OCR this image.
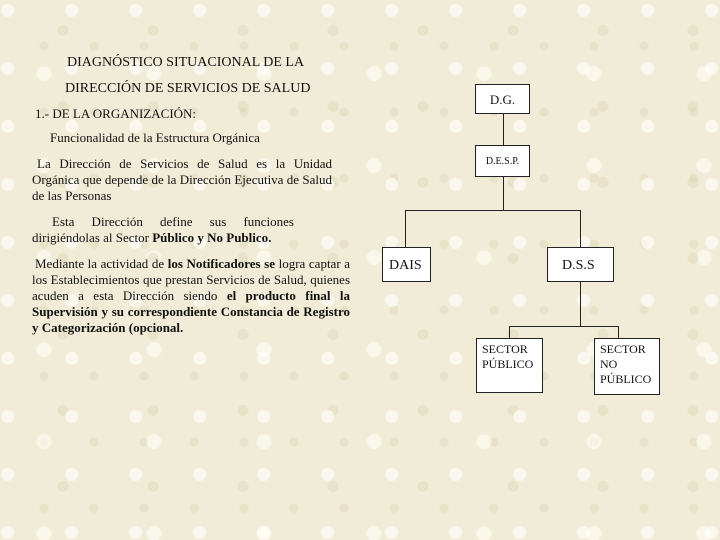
DIAGNÓSTICO SITUACIONAL DE LA
DIRECCIÓN DE SERVICIOS DE SALUD
1.- DE LA ORGANIZACIÓN:
Funcionalidad de la Estructura Orgánica
La Dirección de Servicios de Salud es la Unidad Orgánica que depende de la Dirección Ejecutiva de Salud de las Personas
Esta Dirección define sus funciones dirigiéndolas al Sector Público y No Publico.
Mediante la actividad de los Notificadores se logra captar a los Establecimientos que prestan Servicios de Salud, quienes acuden a esta Dirección siendo el producto final la Supervisión y su correspondiente Constancia de Registro y Categorización (opcional.
D.G.
D.E.S.P.
DAIS	D.S.S
SECTOR PÚBLICO
SECTOR NO PÚBLICO
